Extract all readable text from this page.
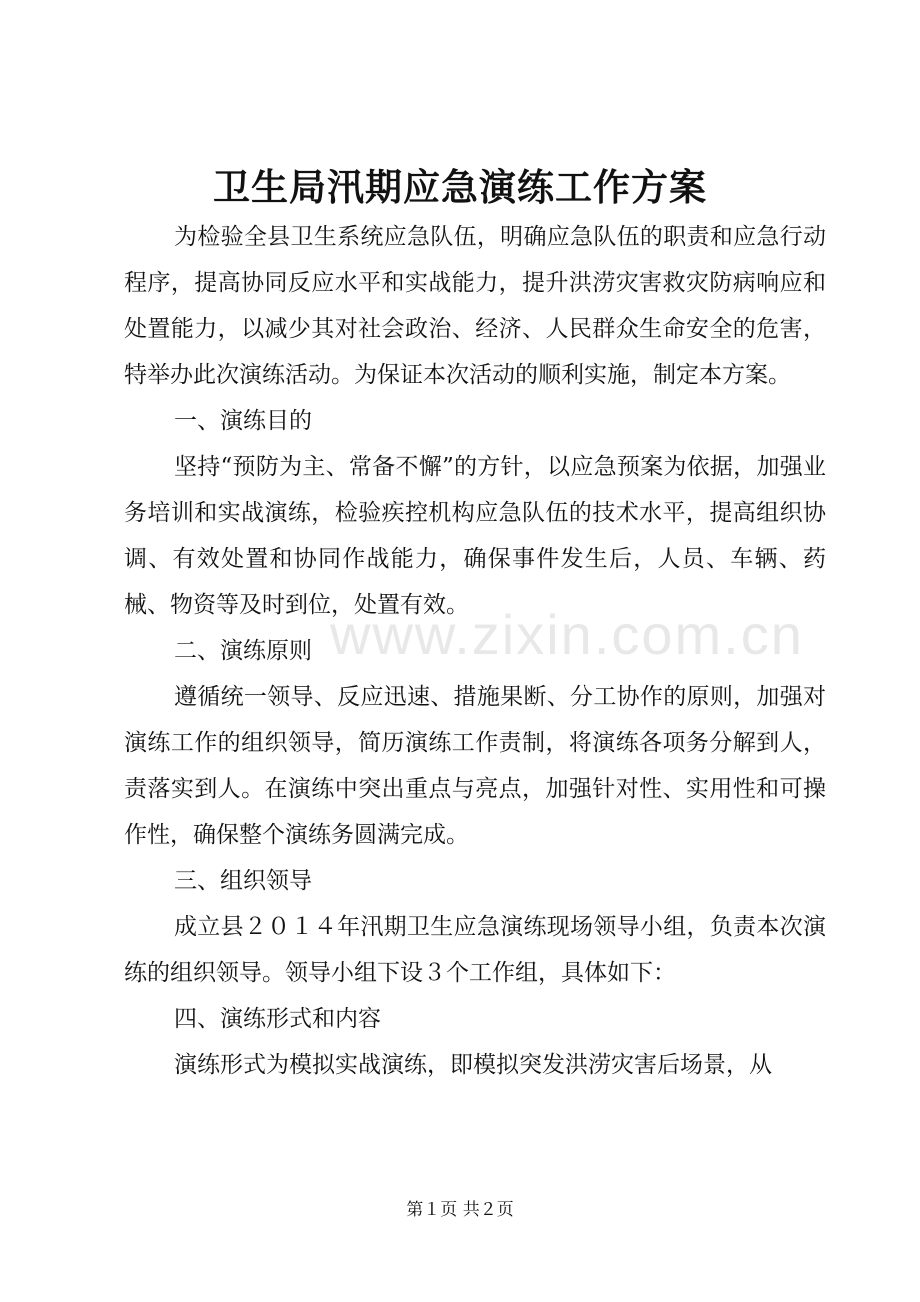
卫生局汛期应急演练工作方案

为检验全县卫生系统应急队伍，明确应急队伍的职责和应急行动程序，提高协同反应水平和实战能力，提升洪涝灾害救灾防病响应和处置能力，以减少其对社会政治、经济、人民群众生命安全的危害，特举办此次演练活动。为保证本次活动的顺利实施，制定本方案。

一、演练目的

坚持“预防为主、常备不懈”的方针，以应急预案为依据，加强业务培训和实战演练，检验疾控机构应急队伍的技术水平，提高组织协调、有效处置和协同作战能力，确保事件发生后，人员、车辆、药械、物资等及时到位，处置有效。

二、演练原则

遵循统一领导、反应迅速、措施果断、分工协作的原则，加强对演练工作的组织领导，简历演练工作责制，将演练各项务分解到人，责落实到人。在演练中突出重点与亮点，加强针对性、实用性和可操作性，确保整个演练务圆满完成。

三、组织领导

成立县２０１４年汛期卫生应急演练现场领导小组，负责本次演练的组织领导。领导小组下设３个工作组，具体如下：

四、演练形式和内容

演练形式为模拟实战演练，即模拟突发洪涝灾害后场景，从

www.zixin.com.cn
第１页 共２页
